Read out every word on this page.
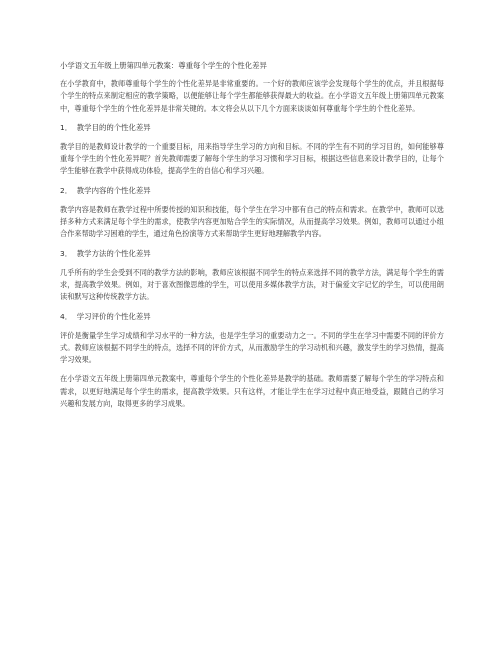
小学语文五年级上册第四单元教案：尊重每个学生的个性化差异
在小学教育中，教师尊重每个学生的个性化差异是非常重要的。一个好的教师应该学会发现每个学生的优点，并且根据每个学生的特点来制定相应的教学策略，以便能够让每个学生都能够获得最大的收益。在小学语文五年级上册第四单元教案中，尊重每个学生的个性化差异是非常关键的。本文将会从以下几个方面来谈谈如何尊重每个学生的个性化差异。
1．  教学目的的个性化差异
教学目的是教师设计教学的一个重要目标，用来指导学生学习的方向和目标。不同的学生有不同的学习目的，如何能够尊重每个学生的个性化差异呢？首先教师需要了解每个学生的学习习惯和学习目标，根据这些信息来设计教学目的，让每个学生能够在教学中获得成功体验，提高学生的自信心和学习兴趣。
2．  教学内容的个性化差异
教学内容是教师在教学过程中所要传授的知识和技能，每个学生在学习中都有自己的特点和需求。在教学中，教师可以选择多种方式来满足每个学生的需求，使教学内容更加贴合学生的实际情况，从而提高学习效果。例如，教师可以通过小组合作来帮助学习困难的学生，通过角色扮演等方式来帮助学生更好地理解教学内容。
3．  教学方法的个性化差异
几乎所有的学生会受到不同的教学方法的影响，教师应该根据不同学生的特点来选择不同的教学方法，满足每个学生的需求，提高教学效果。例如，对于喜欢图像思维的学生，可以使用多媒体教学方法，对于偏爱文字记忆的学生，可以使用朗读和默写这种传统教学方法。
4．  学习评价的个性化差异
评价是衡量学生学习成绩和学习水平的一种方法，也是学生学习的重要动力之一。不同的学生在学习中需要不同的评价方式。教师应该根据不同学生的特点，选择不同的评价方式，从而激励学生的学习动机和兴趣，激发学生的学习热情，提高学习效果。
在小学语文五年级上册第四单元教案中，尊重每个学生的个性化差异是教学的基础。教师需要了解每个学生的学习特点和需求，以更好地满足每个学生的需求，提高教学效果。只有这样，才能让学生在学习过程中真正地受益，跟随自己的学习兴趣和发展方向，取得更多的学习成果。
